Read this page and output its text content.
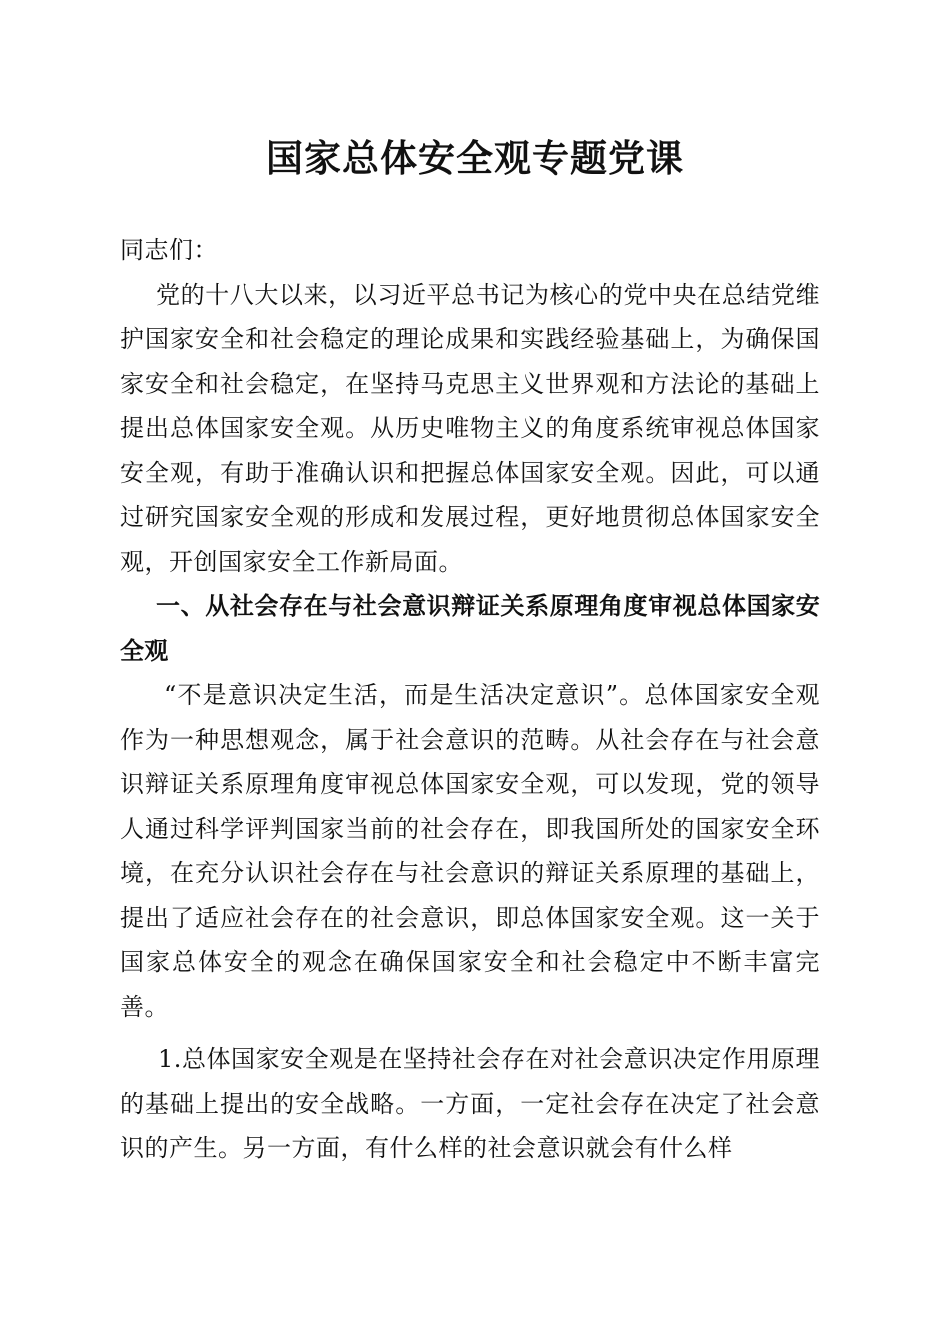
国家总体安全观专题党课

同志们：

党的十八大以来，以习近平总书记为核心的党中央在总结党维护国家安全和社会稳定的理论成果和实践经验基础上，为确保国家安全和社会稳定，在坚持马克思主义世界观和方法论的基础上提出总体国家安全观。从历史唯物主义的角度系统审视总体国家安全观，有助于准确认识和把握总体国家安全观。因此，可以通过研究国家安全观的形成和发展过程，更好地贯彻总体国家安全观，开创国家安全工作新局面。

一、从社会存在与社会意识辩证关系原理角度审视总体国家安全观

“不是意识决定生活，而是生活决定意识”。总体国家安全观作为一种思想观念，属于社会意识的范畴。从社会存在与社会意识辩证关系原理角度审视总体国家安全观，可以发现，党的领导人通过科学评判国家当前的社会存在，即我国所处的国家安全环境，在充分认识社会存在与社会意识的辩证关系原理的基础上，提出了适应社会存在的社会意识，即总体国家安全观。这一关于国家总体安全的观念在确保国家安全和社会稳定中不断丰富完善。

1.总体国家安全观是在坚持社会存在对社会意识决定作用原理的基础上提出的安全战略。一方面，一定社会存在决定了社会意识的产生。另一方面，有什么样的社会意识就会有什么样
